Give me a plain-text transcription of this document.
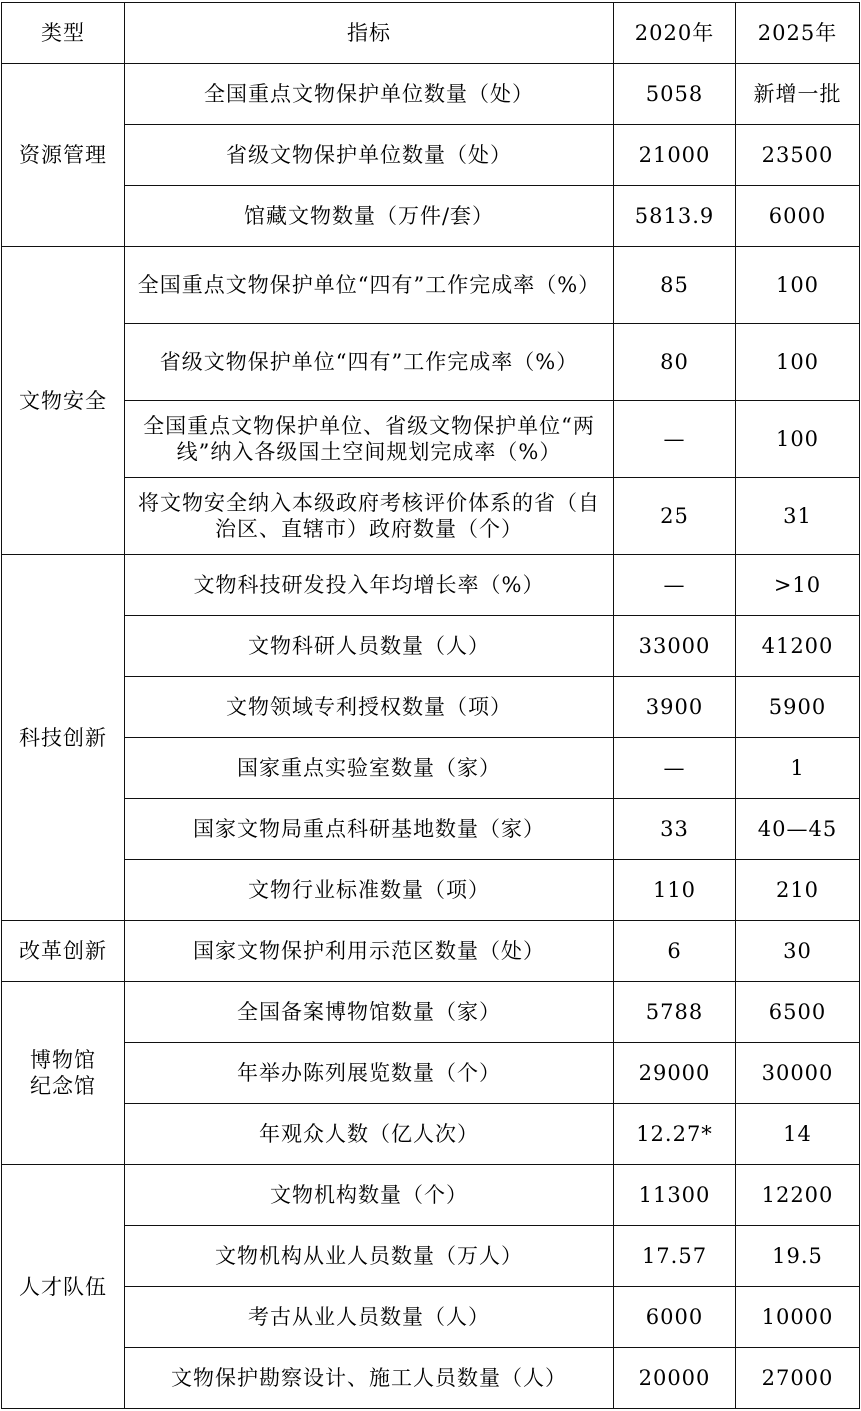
类型	指标	2020年	2025年
资源管理	全国重点文物保护单位数量（处）	5058	新增一批
	省级文物保护单位数量（处）	21000	23500
	馆藏文物数量（万件/套）	5813.9	6000
文物安全	全国重点文物保护单位“四有”工作完成率（%）	85	100
	省级文物保护单位“四有”工作完成率（%）	80	100
	全国重点文物保护单位、省级文物保护单位“两线”纳入各级国土空间规划完成率（%）	—	100
	将文物安全纳入本级政府考核评价体系的省（自治区、直辖市）政府数量（个）	25	31
科技创新	文物科技研发投入年均增长率（%）	—	>10
	文物科研人员数量（人）	33000	41200
	文物领域专利授权数量（项）	3900	5900
	国家重点实验室数量（家）	—	1
	国家文物局重点科研基地数量（家）	33	40—45
	文物行业标准数量（项）	110	210
改革创新	国家文物保护利用示范区数量（处）	6	30

博物馆
纪念馆	全国备案博物馆数量（家）	5788	6500
	年举办陈列展览数量（个）	29000	30000
	年观众人数（亿人次）	12.27*	14
人才队伍	文物机构数量（个）	11300	12200
	文物机构从业人员数量（万人）	17.57	19.5
	考古从业人员数量（人）	6000	10000
	文物保护勘察设计、施工人员数量（人）	20000	27000
